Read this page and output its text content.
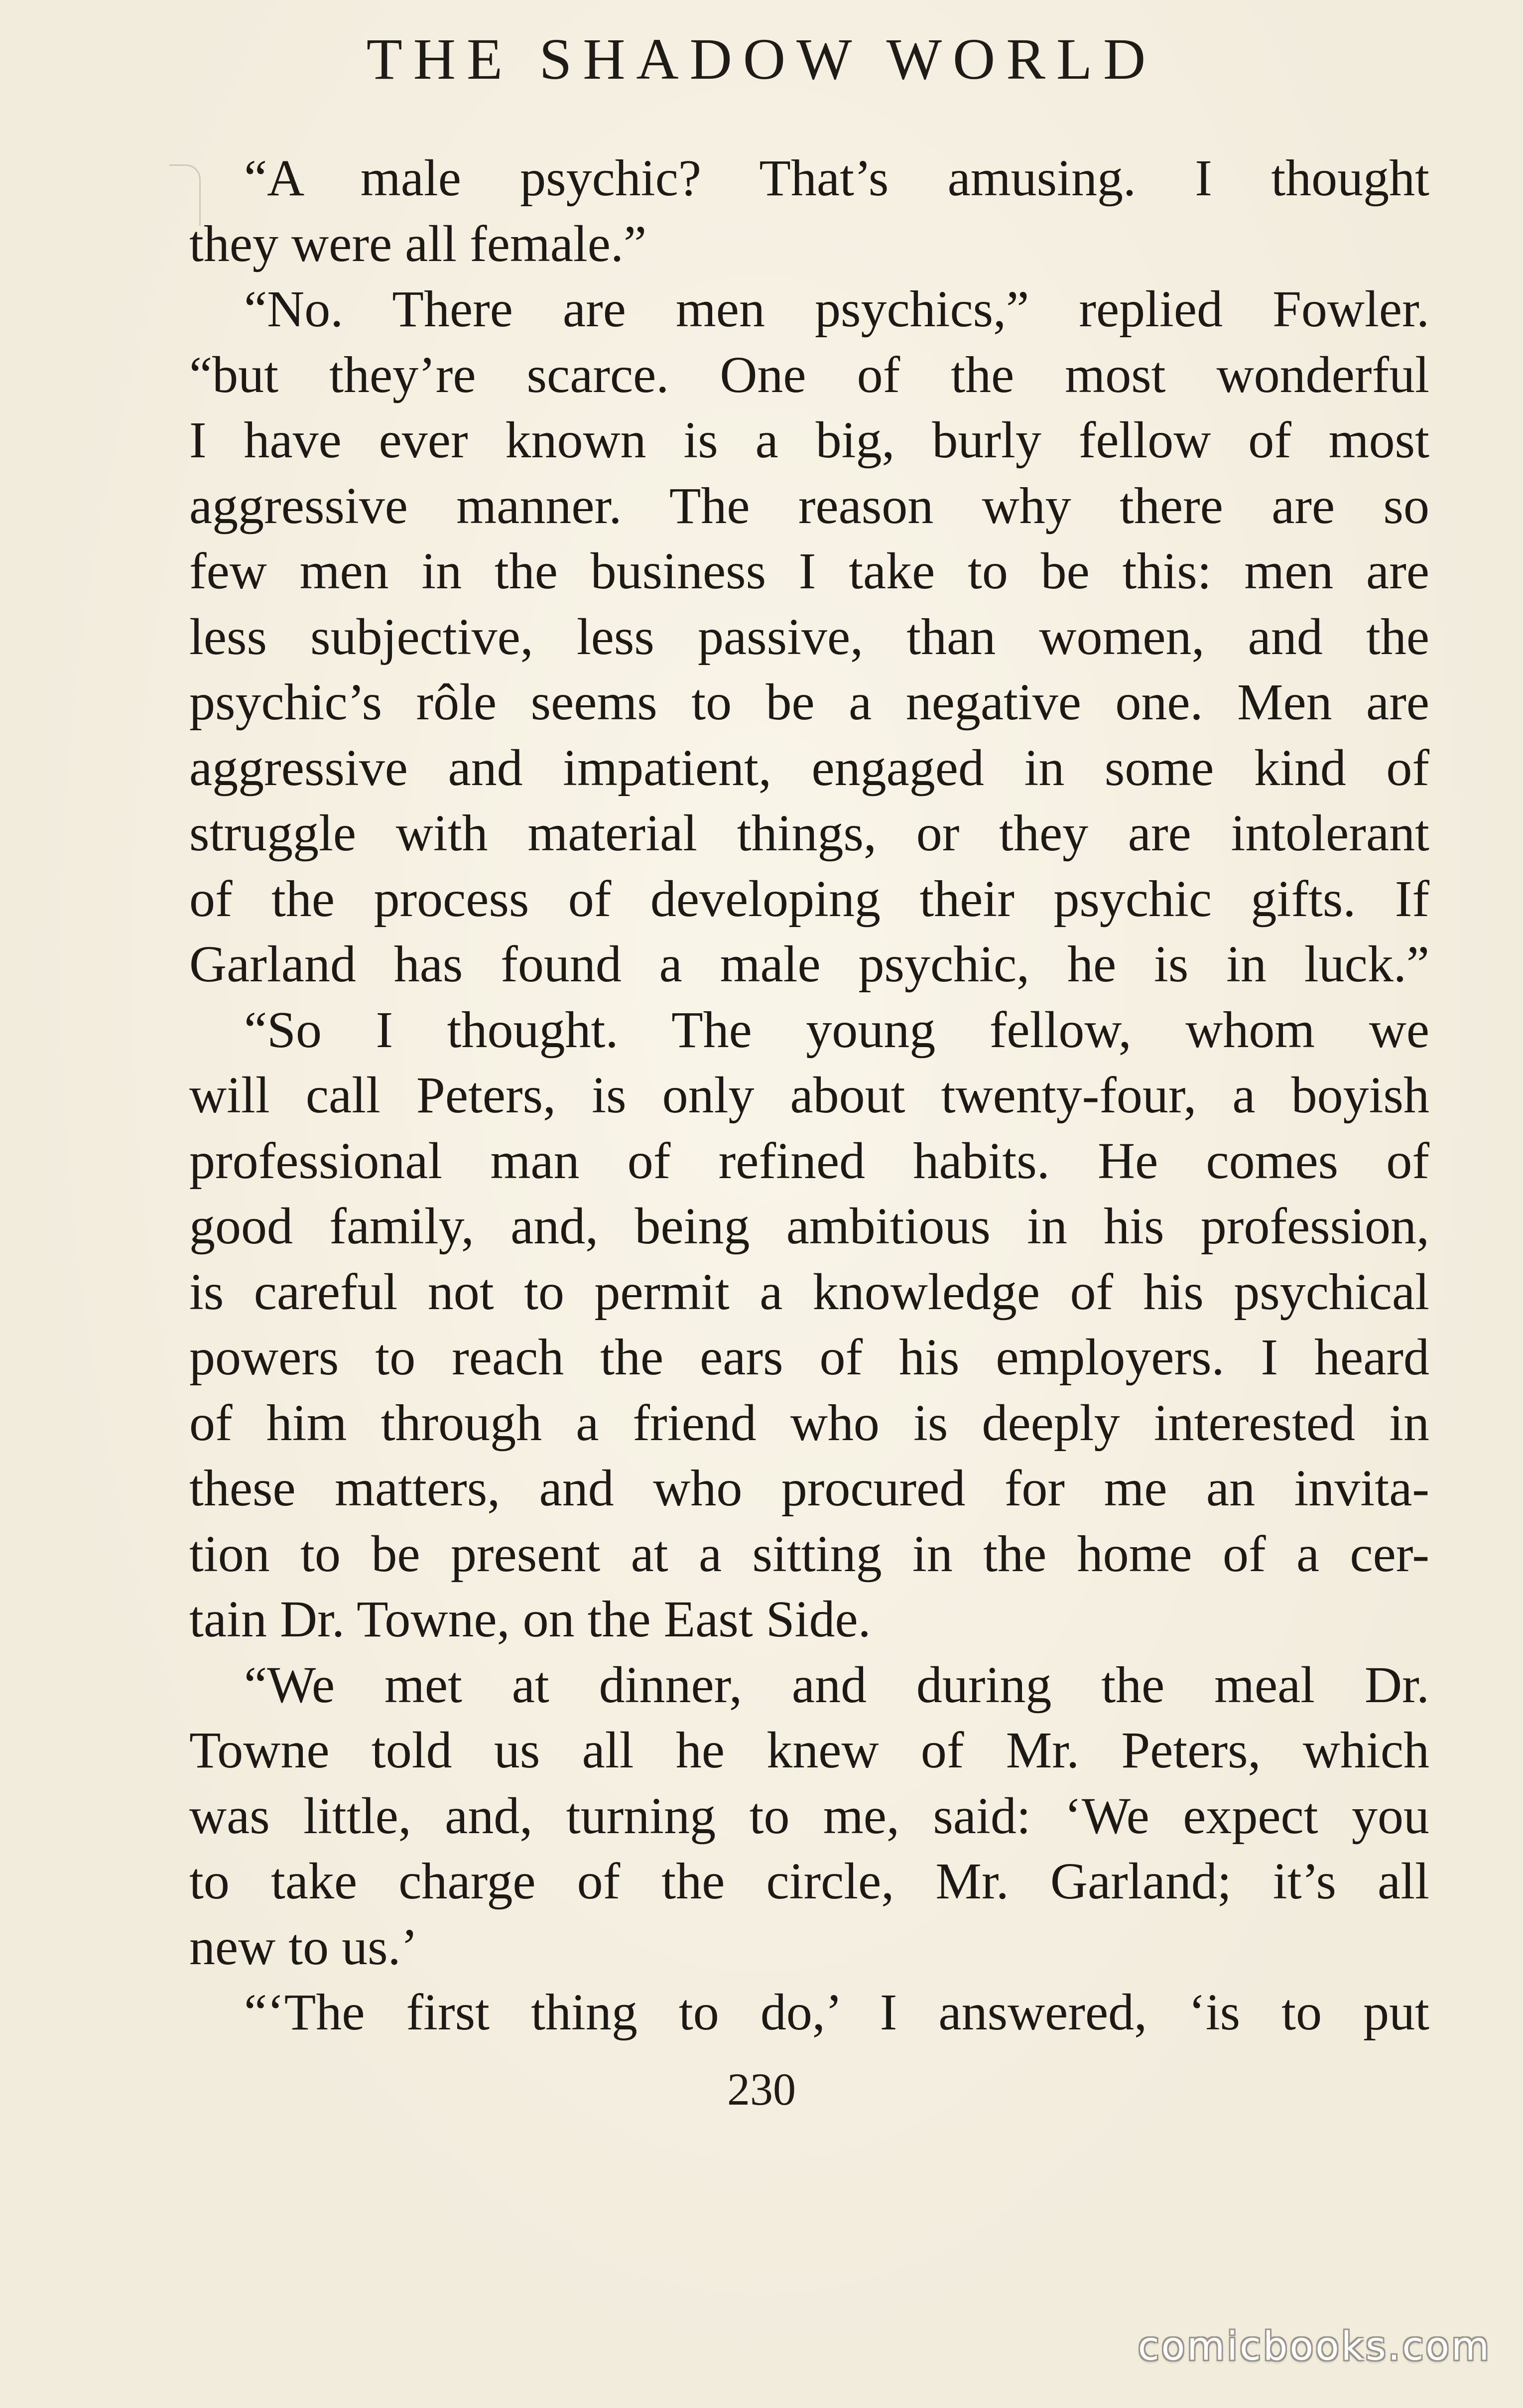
THE SHADOW WORLD
“A male psychic? That’s amusing. I thought
they were all female.”
“No. There are men psychics,” replied Fowler.
“but they’re scarce. One of the most wonderful
I have ever known is a big, burly fellow of most
aggressive manner. The reason why there are so
few men in the business I take to be this: men are
less subjective, less passive, than women, and the
psychic’s rôle seems to be a negative one. Men are
aggressive and impatient, engaged in some kind of
struggle with material things, or they are intolerant
of the process of developing their psychic gifts. If
Garland has found a male psychic, he is in luck.”
“So I thought. The young fellow, whom we
will call Peters, is only about twenty-four, a boyish
professional man of refined habits. He comes of
good family, and, being ambitious in his profession,
is careful not to permit a knowledge of his psychical
powers to reach the ears of his employers. I heard
of him through a friend who is deeply interested in
these matters, and who procured for me an invita-
tion to be present at a sitting in the home of a cer-
tain Dr. Towne, on the East Side.
“We met at dinner, and during the meal Dr.
Towne told us all he knew of Mr. Peters, which
was little, and, turning to me, said: ‘We expect you
to take charge of the circle, Mr. Garland; it’s all
new to us.’
“‘The first thing to do,’ I answered, ‘is to put
230
comicbooks.com
